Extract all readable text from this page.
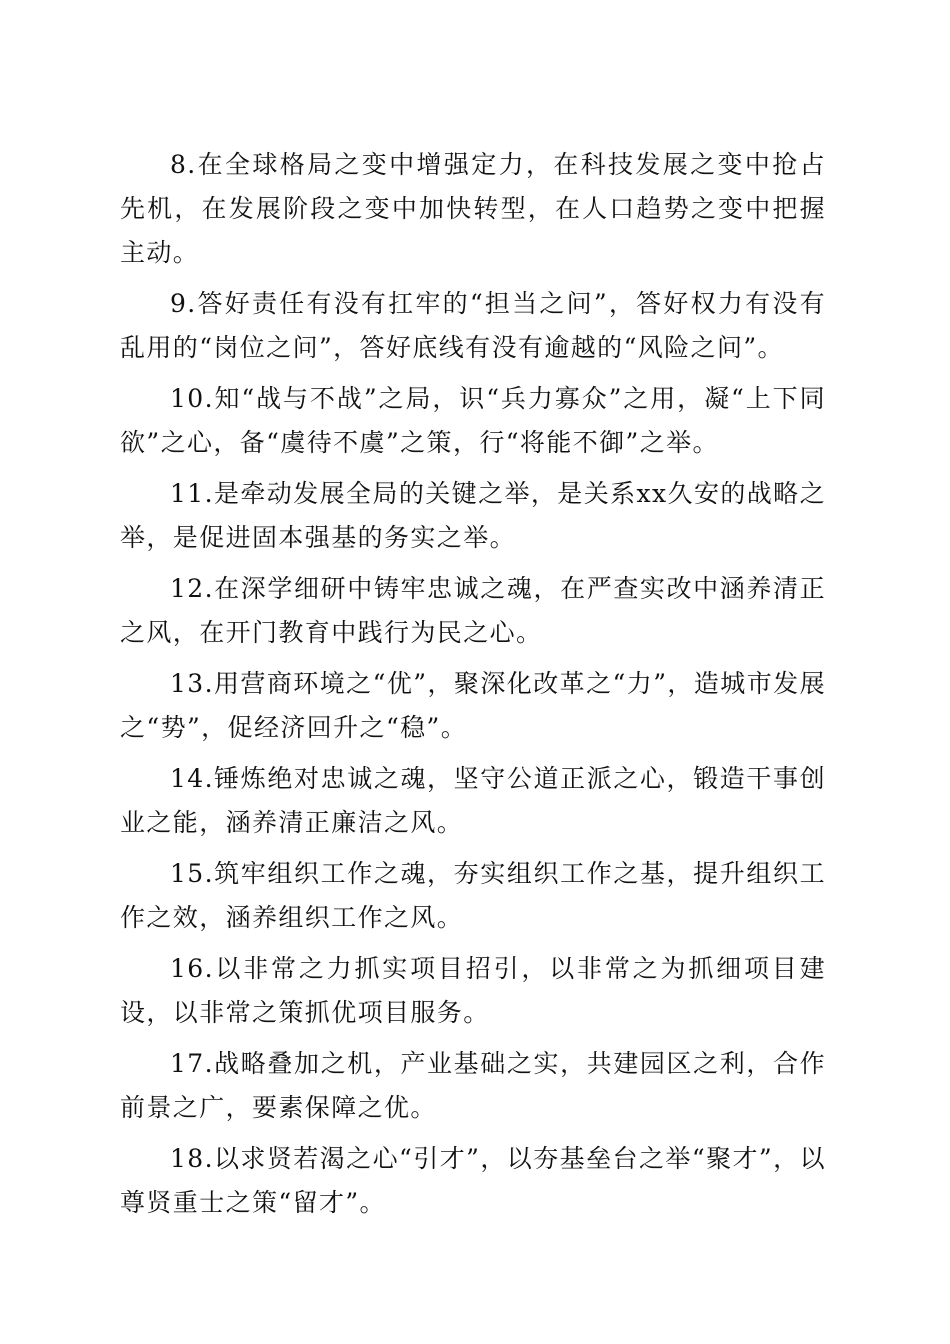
8.在全球格局之变中增强定力，在科技发展之变中抢占先机，在发展阶段之变中加快转型，在人口趋势之变中把握主动。

9.答好责任有没有扛牢的“担当之问”，答好权力有没有乱用的“岗位之问”，答好底线有没有逾越的“风险之问”。

10.知“战与不战”之局，识“兵力寡众”之用，凝“上下同欲”之心，备“虞待不虞”之策，行“将能不御”之举。

11.是牵动发展全局的关键之举，是关系xx久安的战略之举，是促进固本强基的务实之举。

12.在深学细研中铸牢忠诚之魂，在严查实改中涵养清正之风，在开门教育中践行为民之心。

13.用营商环境之“优”，聚深化改革之“力”，造城市发展之“势”，促经济回升之“稳”。

14.锤炼绝对忠诚之魂，坚守公道正派之心，锻造干事创业之能，涵养清正廉洁之风。

15.筑牢组织工作之魂，夯实组织工作之基，提升组织工作之效，涵养组织工作之风。

16.以非常之力抓实项目招引，以非常之为抓细项目建设，以非常之策抓优项目服务。

17.战略叠加之机，产业基础之实，共建园区之利，合作前景之广，要素保障之优。

18.以求贤若渴之心“引才”，以夯基垒台之举“聚才”，以尊贤重士之策“留才”。
